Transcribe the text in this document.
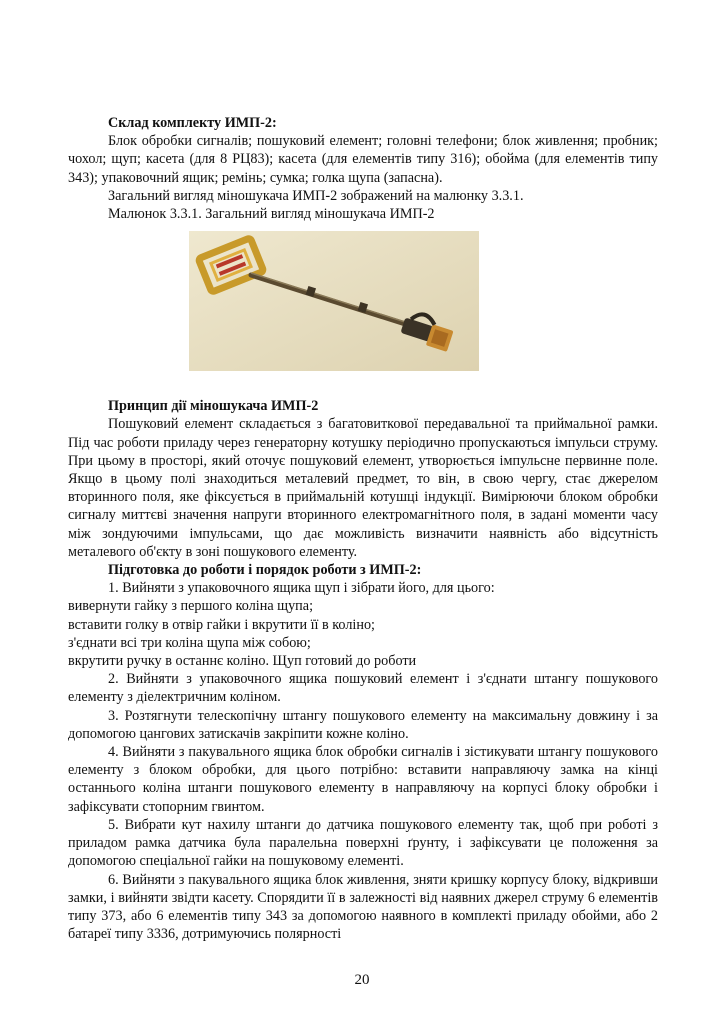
Склад комплекту ИМП-2:

Блок обробки сигналів; пошуковий елемент; головні телефони; блок живлення; пробник; чохол; щуп; касета (для 8 РЦ83); касета (для елементів типу 316); обойма (для елементів типу 343); упаковочний ящик; ремінь; сумка; голка щупа (запасна).

Загальний вигляд міношукача ИМП-2 зображений на малюнку 3.3.1.

Малюнок 3.3.1. Загальний вигляд міношукача ИМП-2

Принцип дії міношукача ИМП-2

Пошуковий елемент складається з багатовиткової передавальної та приймальної рамки. Під час роботи приладу через генераторну котушку періодично пропускаються імпульси струму. При цьому в просторі, який оточує пошуковий елемент, утворюється імпульсне первинне поле. Якщо в цьому полі знаходиться металевий предмет, то він, в свою чергу, стає джерелом вторинного поля, яке фіксується в приймальній котушці індукції. Вимірюючи блоком обробки сигналу миттєві значення напруги вторинного електромагнітного поля, в задані моменти часу між зондуючими імпульсами, що дає можливість визначити наявність або відсутність металевого об'єкту в зоні пошукового елементу.

Підготовка до роботи і порядок роботи з ИМП-2:

1. Вийняти з упаковочного ящика щуп і зібрати його, для цього:

вивернути гайку з першого коліна щупа;

вставити голку в отвір гайки і вкрутити її в коліно;

з'єднати всі три коліна щупа між собою;

вкрутити ручку в останнє коліно. Щуп готовий до роботи

2. Вийняти з упаковочного ящика пошуковий елемент і з'єднати штангу пошукового елементу з діелектричним коліном.

3. Розтягнути телескопічну штангу пошукового елементу на максимальну довжину і за допомогою цангових затискачів закріпити кожне коліно.

4. Вийняти з пакувального ящика блок обробки сигналів і зістикувати штангу пошукового елементу з блоком обробки, для цього потрібно: вставити направляючу замка на кінці останнього коліна штанги пошукового елементу в направляючу на корпусі блоку обробки і зафіксувати стопорним гвинтом.

5. Вибрати кут нахилу штанги до датчика пошукового елементу так, щоб при роботі з приладом рамка датчика була паралельна поверхні ґрунту, і зафіксувати це положення за допомогою спеціальної гайки на пошуковому елементі.

6. Вийняти з пакувального ящика блок живлення, зняти кришку корпусу блоку, відкривши замки, і вийняти звідти касету. Спорядити її в залежності від наявних джерел струму 6 елементів типу 373, або 6 елементів типу 343 за допомогою наявного в комплекті приладу обойми, або 2 батареї типу 3336, дотримуючись полярності

20
